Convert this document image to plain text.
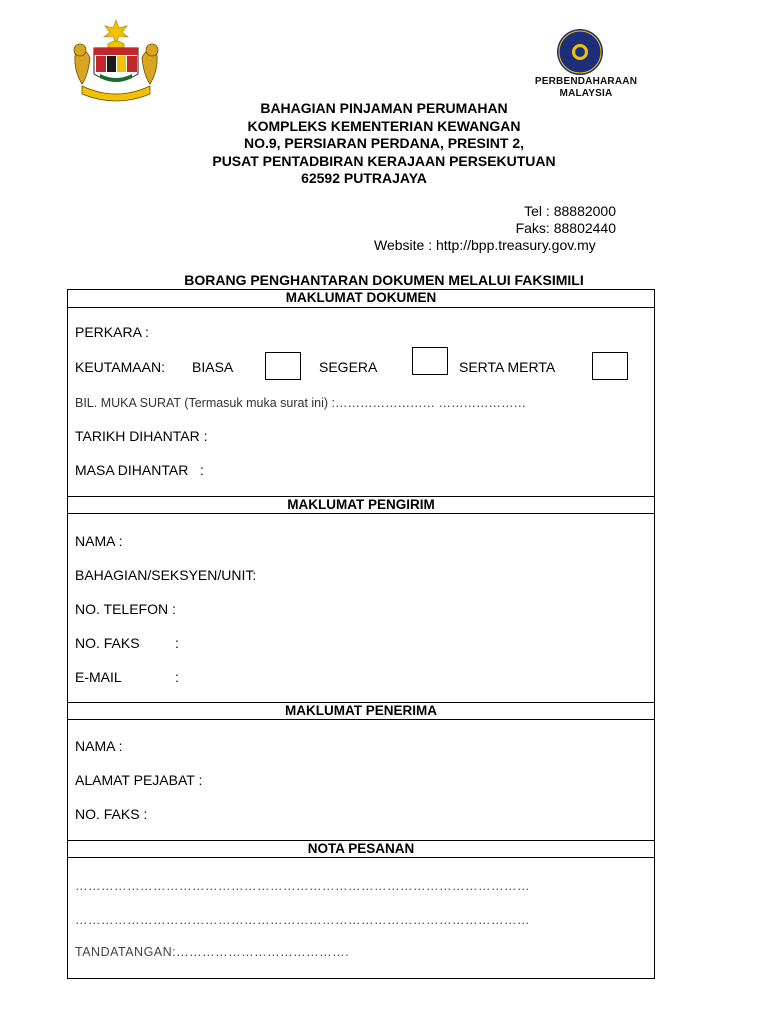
PERBENDAHARAAN
MALAYSIA
BAHAGIAN PINJAMAN PERUMAHAN
KOMPLEKS KEMENTERIAN KEWANGAN
NO.9, PERSIARAN PERDANA, PRESINT 2,
PUSAT PENTADBIRAN KERAJAAN PERSEKUTUAN
62592 PUTRAJAYA
Tel : 88882000
Faks: 88802440
Website : http://bpp.treasury.gov.my
BORANG PENGHANTARAN DOKUMEN MELALUI FAKSIMILI
MAKLUMAT DOKUMEN
PERKARA :
KEUTAMAAN: BIASA	SEGERA	SERTA MERTA
BIL. MUKA SURAT (Termasuk muka surat ini) :…………………… …………………
TARIKH DIHANTAR :
MASA DIHANTAR   :
MAKLUMAT PENGIRIM
NAMA :
BAHAGIAN/SEKSYEN/UNIT:
NO. TELEFON :
NO. FAKS	:
E-MAIL	:
MAKLUMAT PENERIMA
NAMA :
ALAMAT PEJABAT :
NO. FAKS :
NOTA PESANAN
……………………………………………………………………………………………
……………………………………………………………………………………………
TANDATANGAN:………………………………….
